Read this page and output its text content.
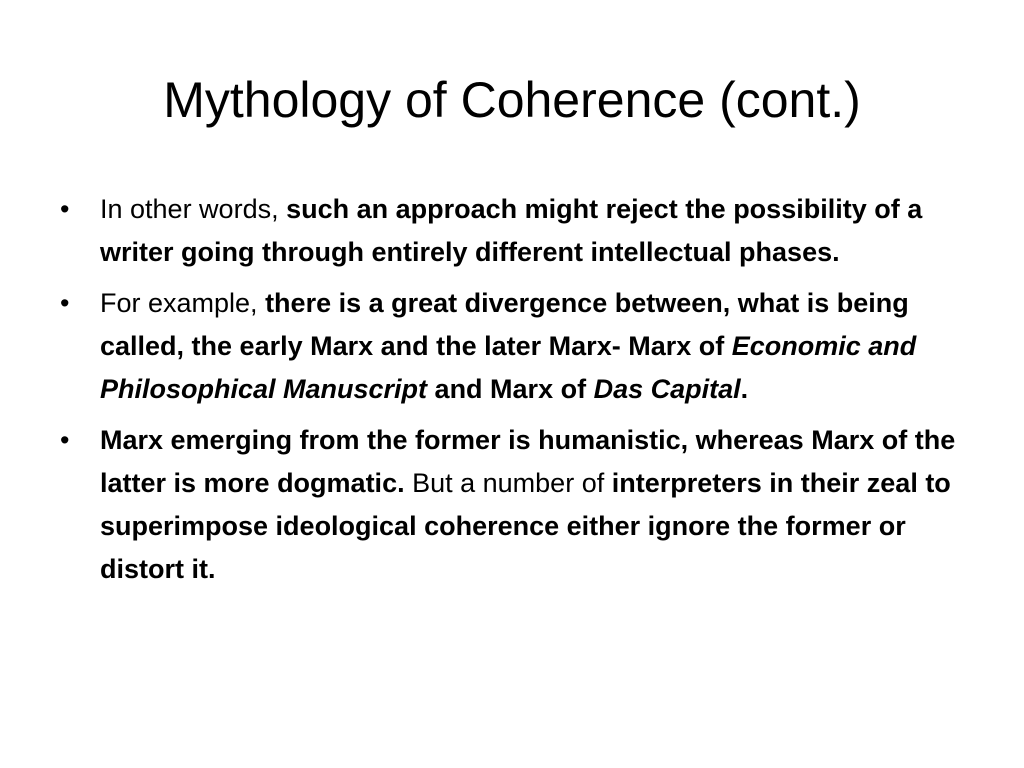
Mythology of Coherence (cont.)
•	In other words, such an approach might reject the possibility of a writer going through entirely different intellectual phases.
•	For example, there is a great divergence between, what is being called, the early Marx and the later Marx- Marx of Economic and Philosophical Manuscript and Marx of Das Capital.
•	Marx emerging from the former is humanistic, whereas Marx of the latter is more dogmatic. But a number of interpreters in their zeal to superimpose ideological coherence either ignore the former or distort it.
